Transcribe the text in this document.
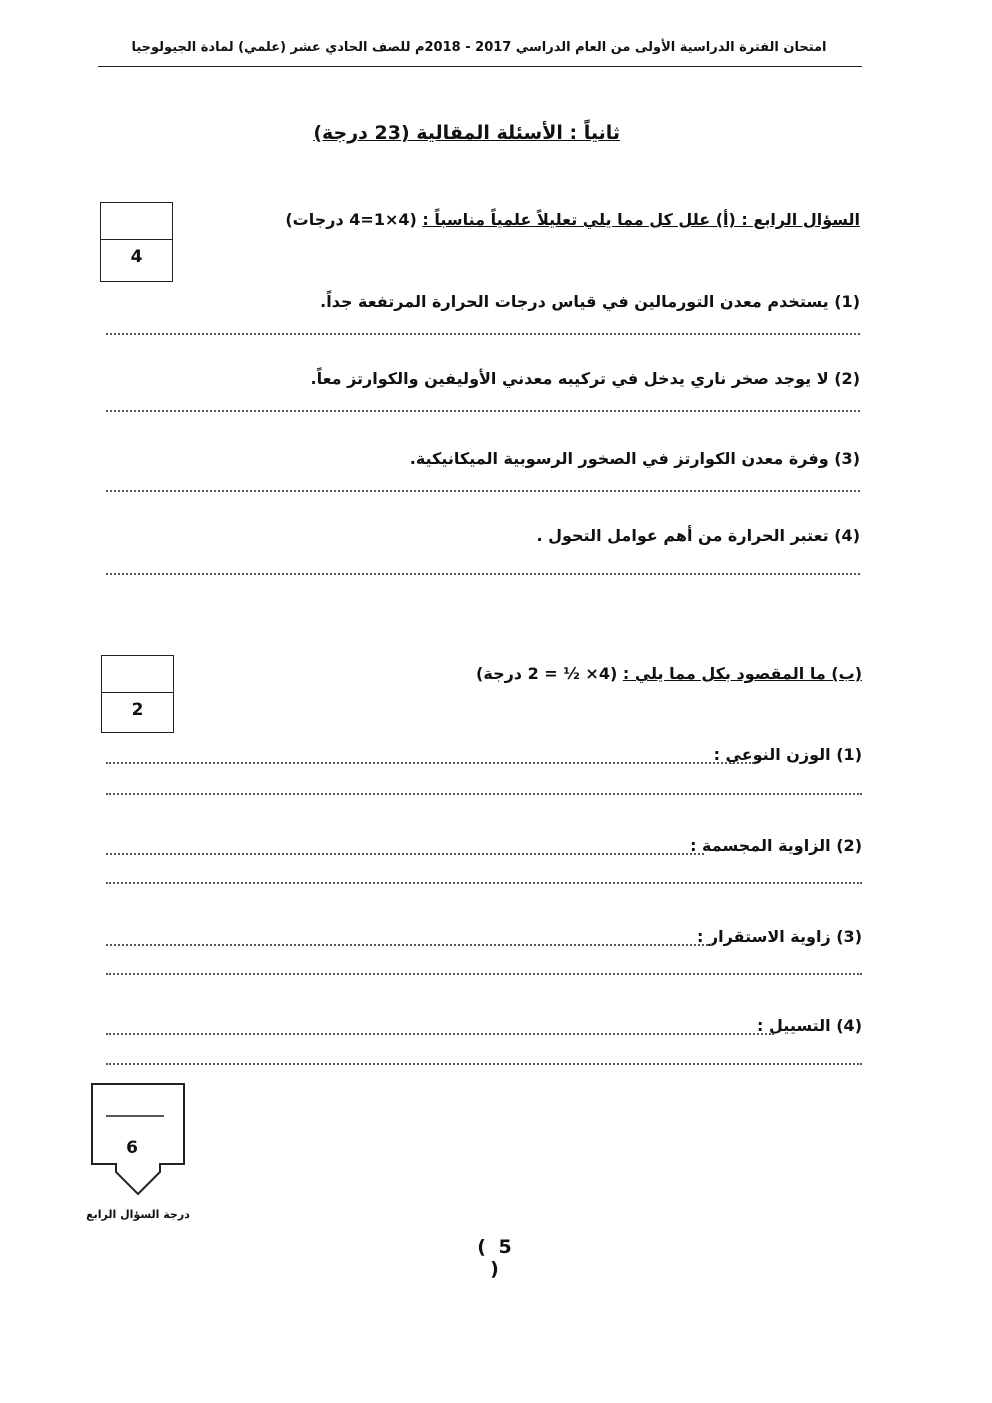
امتحان الفترة الدراسية الأولى من العام الدراسي 2017 - 2018م للصف الحادي عشر (علمي) لمادة الجيولوجيا
ثانياً : الأسئلة المقالية (23 درجة)
4
السؤال الرابع : (أ) علل كل مما يلي تعليلاً علمياً مناسباً : (4×1=4 درجات)
(1) يستخدم معدن التورمالين في قياس درجات الحرارة المرتفعة جداً.
(2) لا يوجد صخر ناري يدخل في تركيبه معدني الأوليفين والكوارتز معاً.
(3) وفرة معدن الكوارتز في الصخور الرسوبية الميكانيكية.
(4) تعتبر الحرارة من أهم عوامل التحول .
2
(ب) ما المقصود بكل مما يلي : (4× ½ = 2 درجة)
(1) الوزن النوعي :
(2) الزاوية المجسمة :
(3) زاوية الاستقرار :
(4) التسييل :
6
درجة السؤال الرابع
( 5 )
